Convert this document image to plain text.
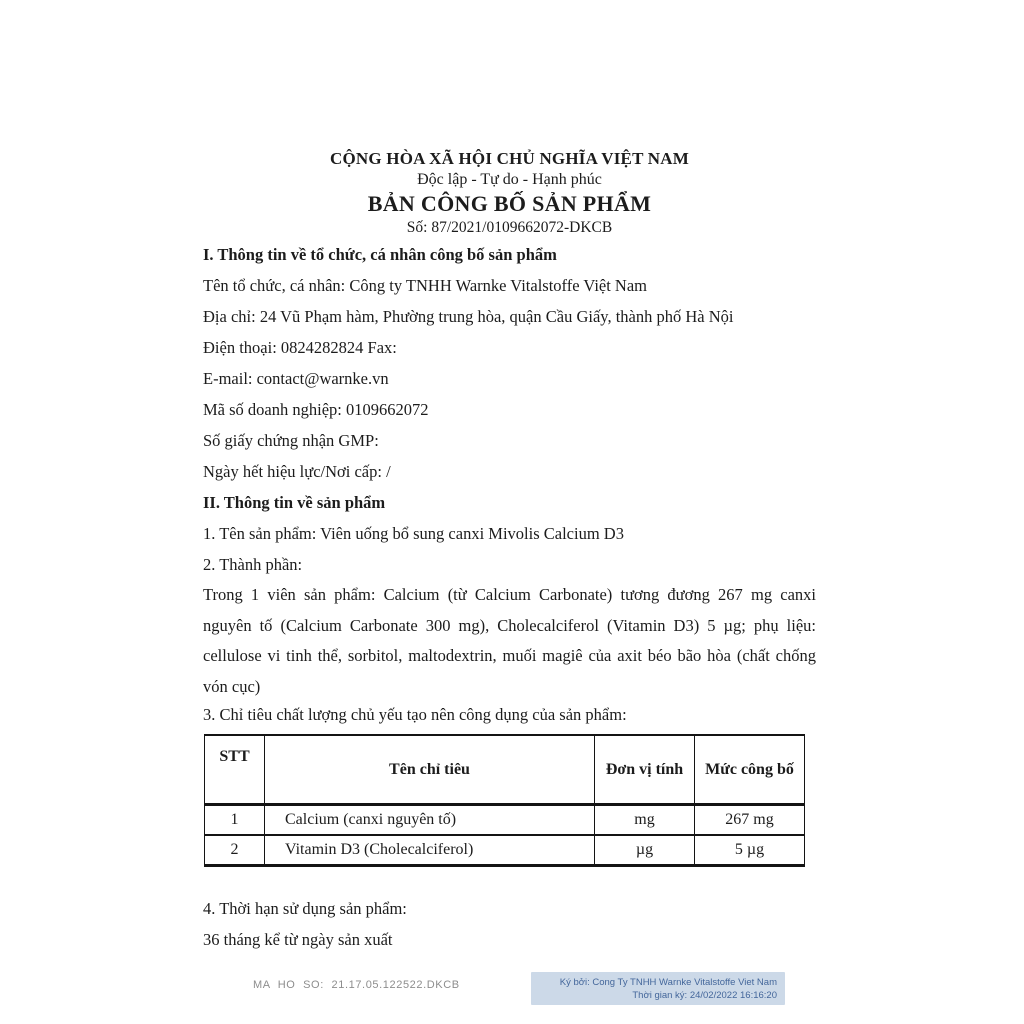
CỘNG HÒA XÃ HỘI CHỦ NGHĨA VIỆT NAM
Độc lập - Tự do - Hạnh phúc
BẢN CÔNG BỐ SẢN PHẨM
Số: 87/2021/0109662072-DKCB
I. Thông tin về tổ chức, cá nhân công bố sản phẩm
Tên tổ chức, cá nhân: Công ty TNHH Warnke Vitalstoffe Việt Nam
Địa chỉ: 24 Vũ Phạm hàm, Phường trung hòa, quận Cầu Giấy, thành phố Hà Nội
Điện thoại: 0824282824 Fax:
E-mail: contact@warnke.vn
Mã số doanh nghiệp: 0109662072
Số giấy chứng nhận GMP:
Ngày hết hiệu lực/Nơi cấp: /
II. Thông tin về sản phẩm
1. Tên sản phẩm: Viên uống bổ sung canxi Mivolis Calcium D3
2. Thành phần:
Trong 1 viên sản phẩm: Calcium (từ Calcium Carbonate) tương đương 267 mg canxi
nguyên tố (Calcium Carbonate 300 mg), Cholecalciferol (Vitamin D3) 5 µg; phụ liệu:
cellulose vi tinh thể, sorbitol, maltodextrin, muối magiê của axit béo bão hòa (chất chống
vón cục)
3. Chỉ tiêu chất lượng chủ yếu tạo nên công dụng của sản phẩm:
STT	Tên chỉ tiêu	Đơn vị tính	Mức công bố
1	Calcium (canxi nguyên tố)	mg	267 mg
2	Vitamin D3 (Cholecalciferol)	µg	5 µg
4. Thời hạn sử dụng sản phẩm:
36 tháng kể từ ngày sản xuất
MA HO SO: 21.17.05.122522.DKCB	Ký bởi: Cong Ty TNHH Warnke Vitalstoffe Viet Nam
Thời gian ký: 24/02/2022 16:16:20
